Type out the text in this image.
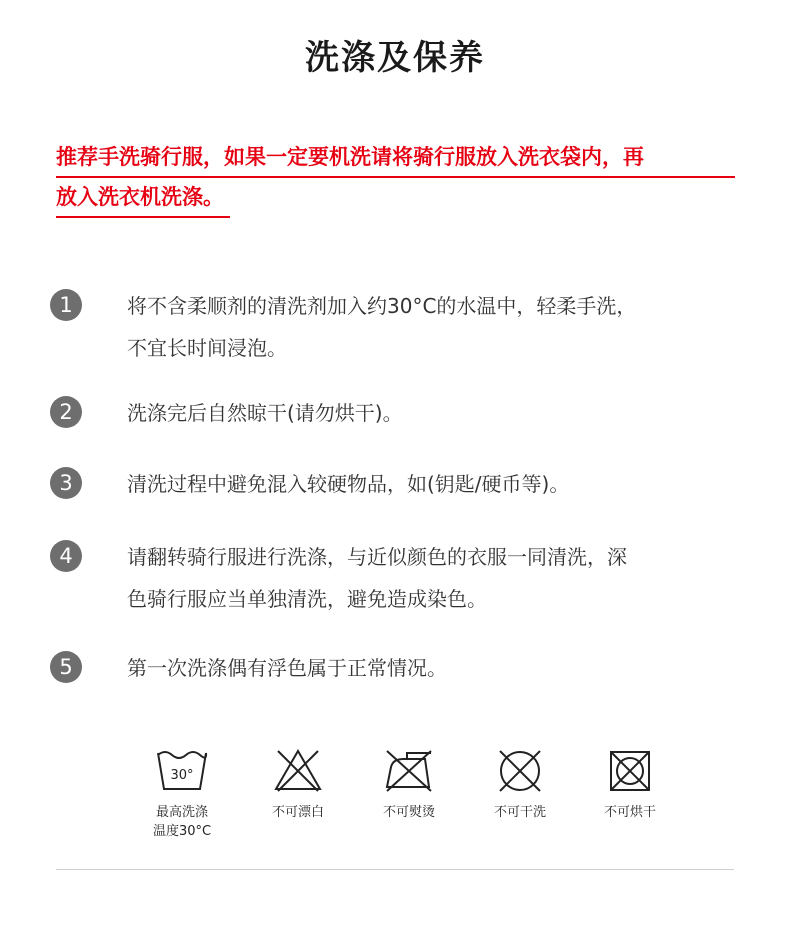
洗涤及保养
推荐手洗骑行服，如果一定要机洗请将骑行服放入洗衣袋内，再
放入洗衣机洗涤。
1	将不含柔顺剂的清洗剂加入约30°C的水温中，轻柔手洗，
不宜长时间浸泡。
2	洗涤完后自然晾干(请勿烘干)。
3	清洗过程中避免混入较硬物品，如(钥匙/硬币等)。
4	请翻转骑行服进行洗涤，与近似颜色的衣服一同清洗，深
色骑行服应当单独清洗，避免造成染色。
5	第一次洗涤偶有浮色属于正常情况。
30°
最高洗涤
温度30°C
不可漂白	不可熨烫	不可干洗	不可烘干
